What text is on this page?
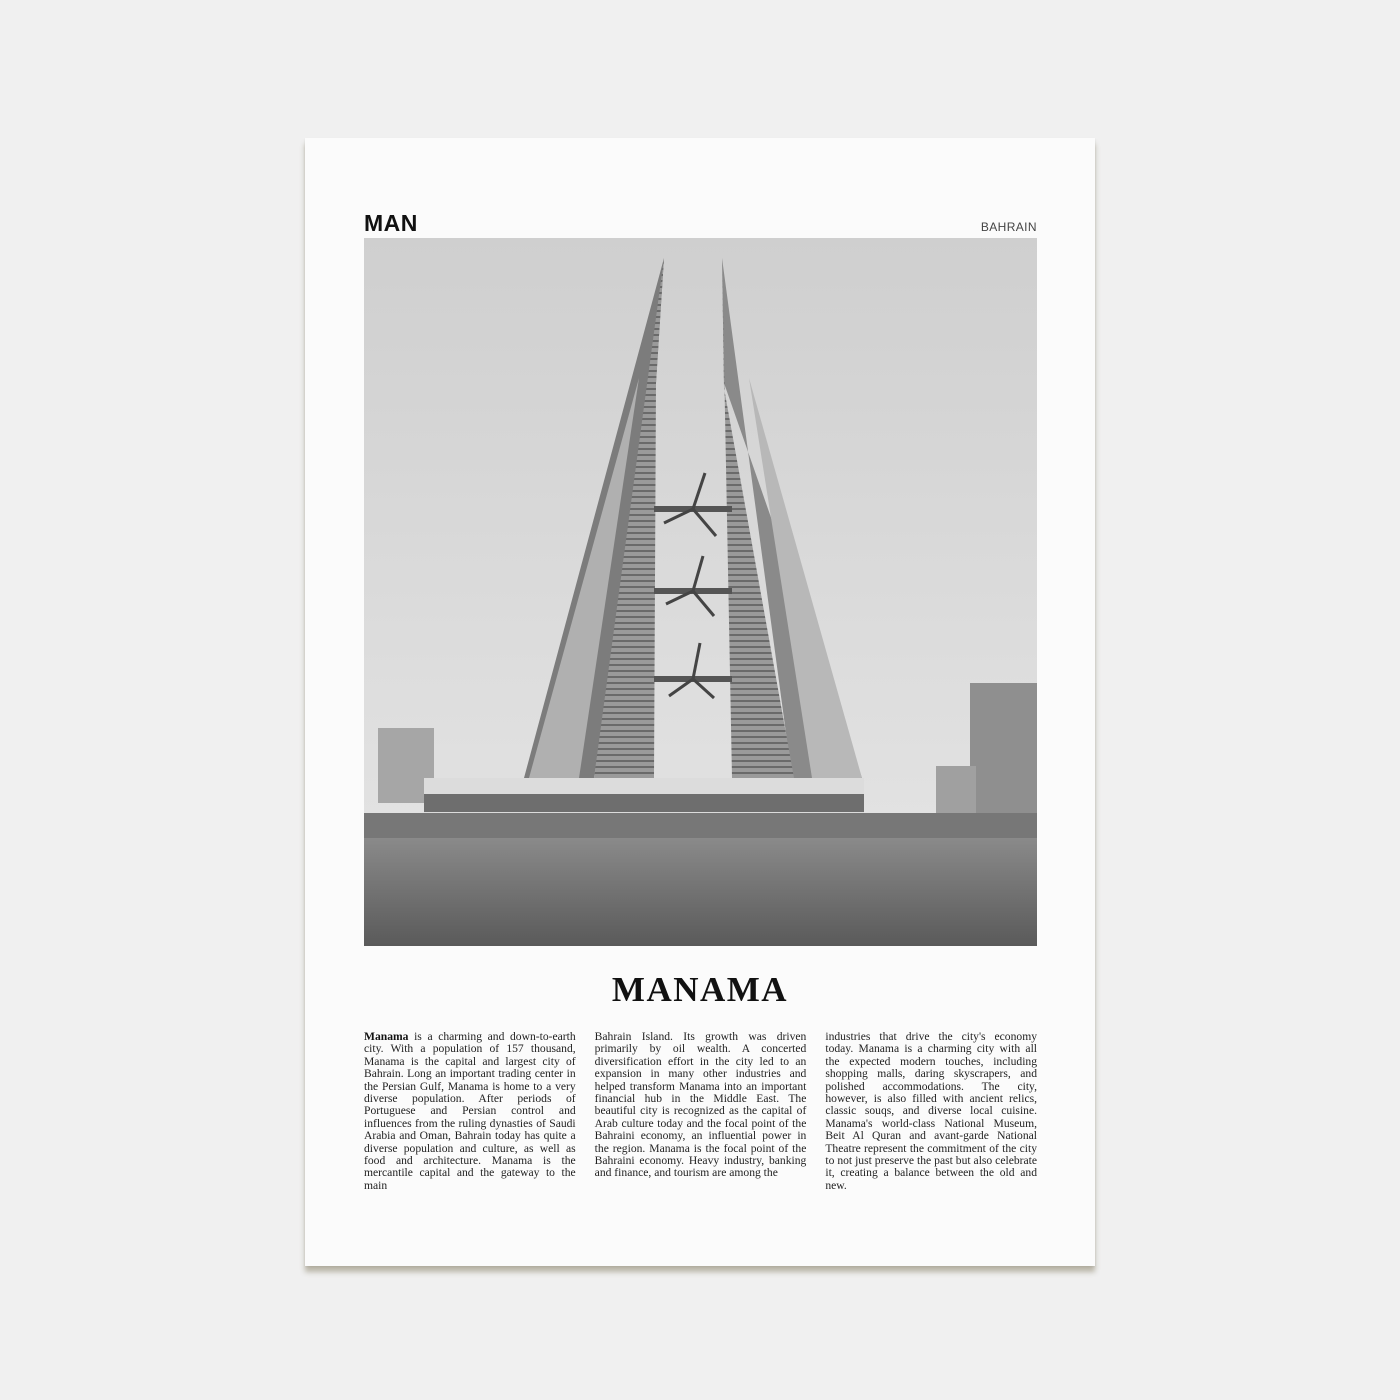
MAN	BAHRAIN
MANAMA
Manama is a charming and down-to-earth city. With a population of 157 thousand, Manama is the capital and largest city of Bahrain. Long an important trading center in the Persian Gulf, Manama is home to a very diverse population. After periods of Portuguese and Persian control and influences from the ruling dynasties of Saudi Arabia and Oman, Bahrain today has quite a diverse population and culture, as well as food and architecture. Manama is the mercantile capital and the gateway to the main
Bahrain Island. Its growth was driven primarily by oil wealth. A concerted diversification effort in the city led to an expansion in many other industries and helped transform Manama into an important financial hub in the Middle East. The beautiful city is recognized as the capital of Arab culture today and the focal point of the Bahraini economy, an influential power in the region. Manama is the focal point of the Bahraini economy. Heavy industry, banking and finance, and tourism are among the
industries that drive the city's economy today. Manama is a charming city with all the expected modern touches, including shopping malls, daring skyscrapers, and polished accommodations. The city, however, is also filled with ancient relics, classic souqs, and diverse local cuisine. Manama's world-class National Museum, Beit Al Quran and avant-garde National Theatre represent the commitment of the city to not just preserve the past but also celebrate it, creating a balance between the old and new.
